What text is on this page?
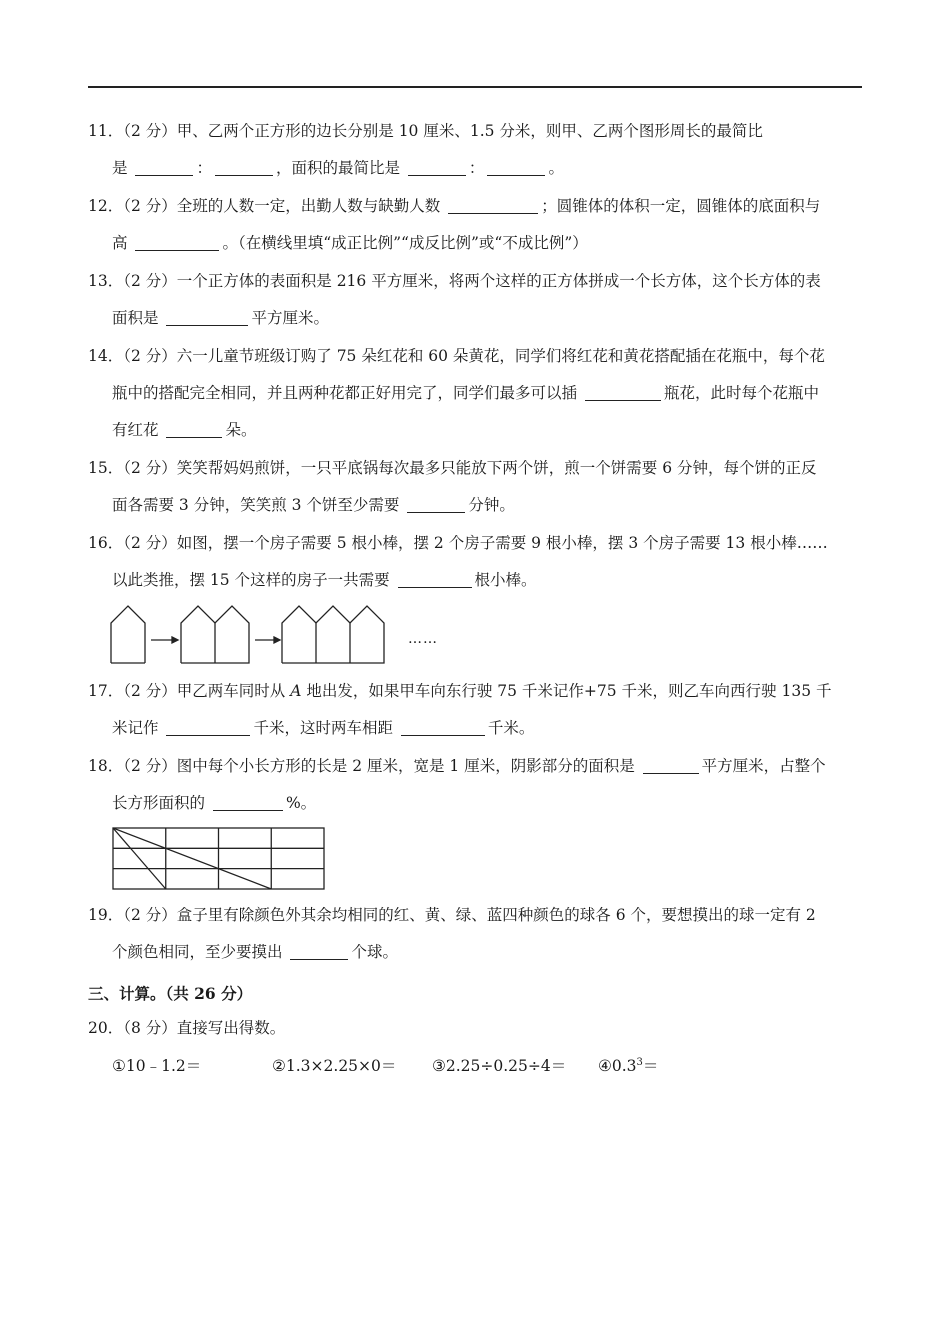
11．（2 分）甲、乙两个正方形的边长分别是 10 厘米、1.5 分米，则甲、乙两个图形周长的最简比
是	：	，面积的最简比是	：	。
12．（2 分）全班的人数一定，出勤人数与缺勤人数	；圆锥体的体积一定，圆锥体的底面积与
高	。（在横线里填“成正比例”“成反比例”或“不成比例”）
13．（2 分）一个正方体的表面积是 216 平方厘米，将两个这样的正方体拼成一个长方体，这个长方体的表
面积是	平方厘米。
14．（2 分）六一儿童节班级订购了 75 朵红花和 60 朵黄花，同学们将红花和黄花搭配插在花瓶中，每个花
瓶中的搭配完全相同，并且两种花都正好用完了，同学们最多可以插	瓶花，此时每个花瓶中
有红花	朵。
15．（2 分）笑笑帮妈妈煎饼，一只平底锅每次最多只能放下两个饼，煎一个饼需要 6 分钟，每个饼的正反
面各需要 3 分钟，笑笑煎 3 个饼至少需要	分钟。
16．（2 分）如图，摆一个房子需要 5 根小棒，摆 2 个房子需要 9 根小棒，摆 3 个房子需要 13 根小棒……
以此类推，摆 15 个这样的房子一共需要	根小棒。
……
17．（2 分）甲乙两车同时从 A 地出发，如果甲车向东行驶 75 千米记作+75 千米，则乙车向西行驶 135 千
米记作	千米，这时两车相距	千米。
18．（2 分）图中每个小长方形的长是 2 厘米，宽是 1 厘米，阴影部分的面积是	平方厘米，占整个
长方形面积的	%。
19．（2 分）盒子里有除颜色外其余均相同的红、黄、绿、蓝四种颜色的球各 6 个，要想摸出的球一定有 2
个颜色相同，至少要摸出	个球。
三、计算。（共 26 分）
20．（8 分）直接写出得数。
①10﹣1.2＝	②1.3×2.25×0＝ ③2.25÷0.25÷4＝ $④0.3^3=$
